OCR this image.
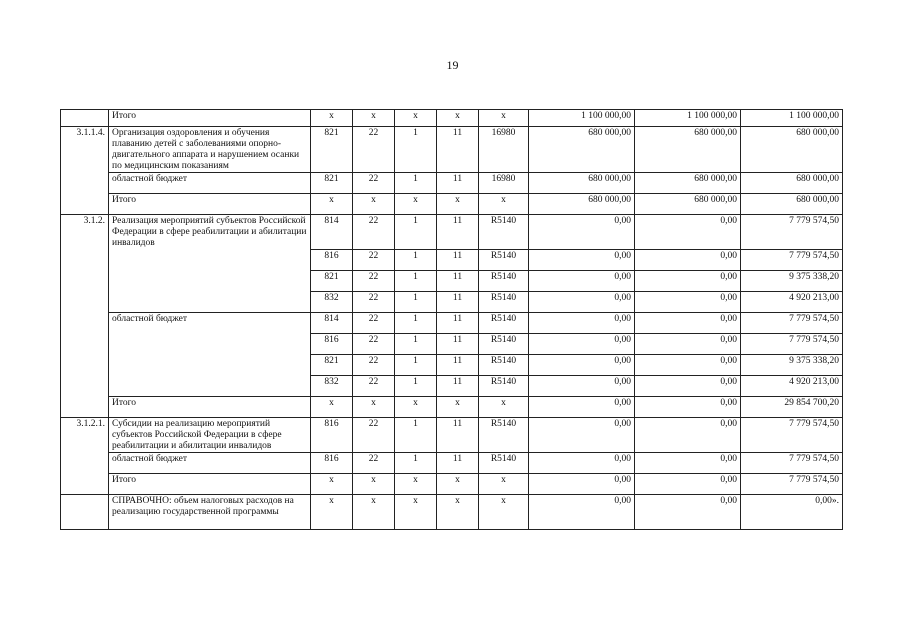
19
	Итого	х	х	х	х	х	1 100 000,00	1 100 000,00	1 100 000,00
3.1.1.4.	Организация оздоровления и обучения плаванию детей с заболеваниями опорно-двигательного аппарата и нарушением осанки по медицинским показаниям	821	22	1	11	16980	680 000,00	680 000,00	680 000,00
	областной бюджет	821	22	1	11	16980	680 000,00	680 000,00	680 000,00
	Итого	х	х	х	х	х	680 000,00	680 000,00	680 000,00
3.1.2.	Реализация мероприятий субъектов Российской Федерации в сфере реабилитации и абилитации инвалидов	814	22	1	11	R5140	0,00	0,00	7 779 574,50
		816	22	1	11	R5140	0,00	0,00	7 779 574,50
		821	22	1	11	R5140	0,00	0,00	9 375 338,20
		832	22	1	11	R5140	0,00	0,00	4 920 213,00
	областной бюджет	814	22	1	11	R5140	0,00	0,00	7 779 574,50
		816	22	1	11	R5140	0,00	0,00	7 779 574,50
		821	22	1	11	R5140	0,00	0,00	9 375 338,20
		832	22	1	11	R5140	0,00	0,00	4 920 213,00
	Итого	х	х	х	х	х	0,00	0,00	29 854 700,20
3.1.2.1.	Субсидии на реализацию мероприятий субъектов Российской Федерации в сфере реабилитации и абилитации инвалидов	816	22	1	11	R5140	0,00	0,00	7 779 574,50
	областной бюджет	816	22	1	11	R5140	0,00	0,00	7 779 574,50
	Итого	х	х	х	х	х	0,00	0,00	7 779 574,50
	СПРАВОЧНО: объем налоговых расходов на реализацию государственной программы	х	х	х	х	х	0,00	0,00	0,00».
